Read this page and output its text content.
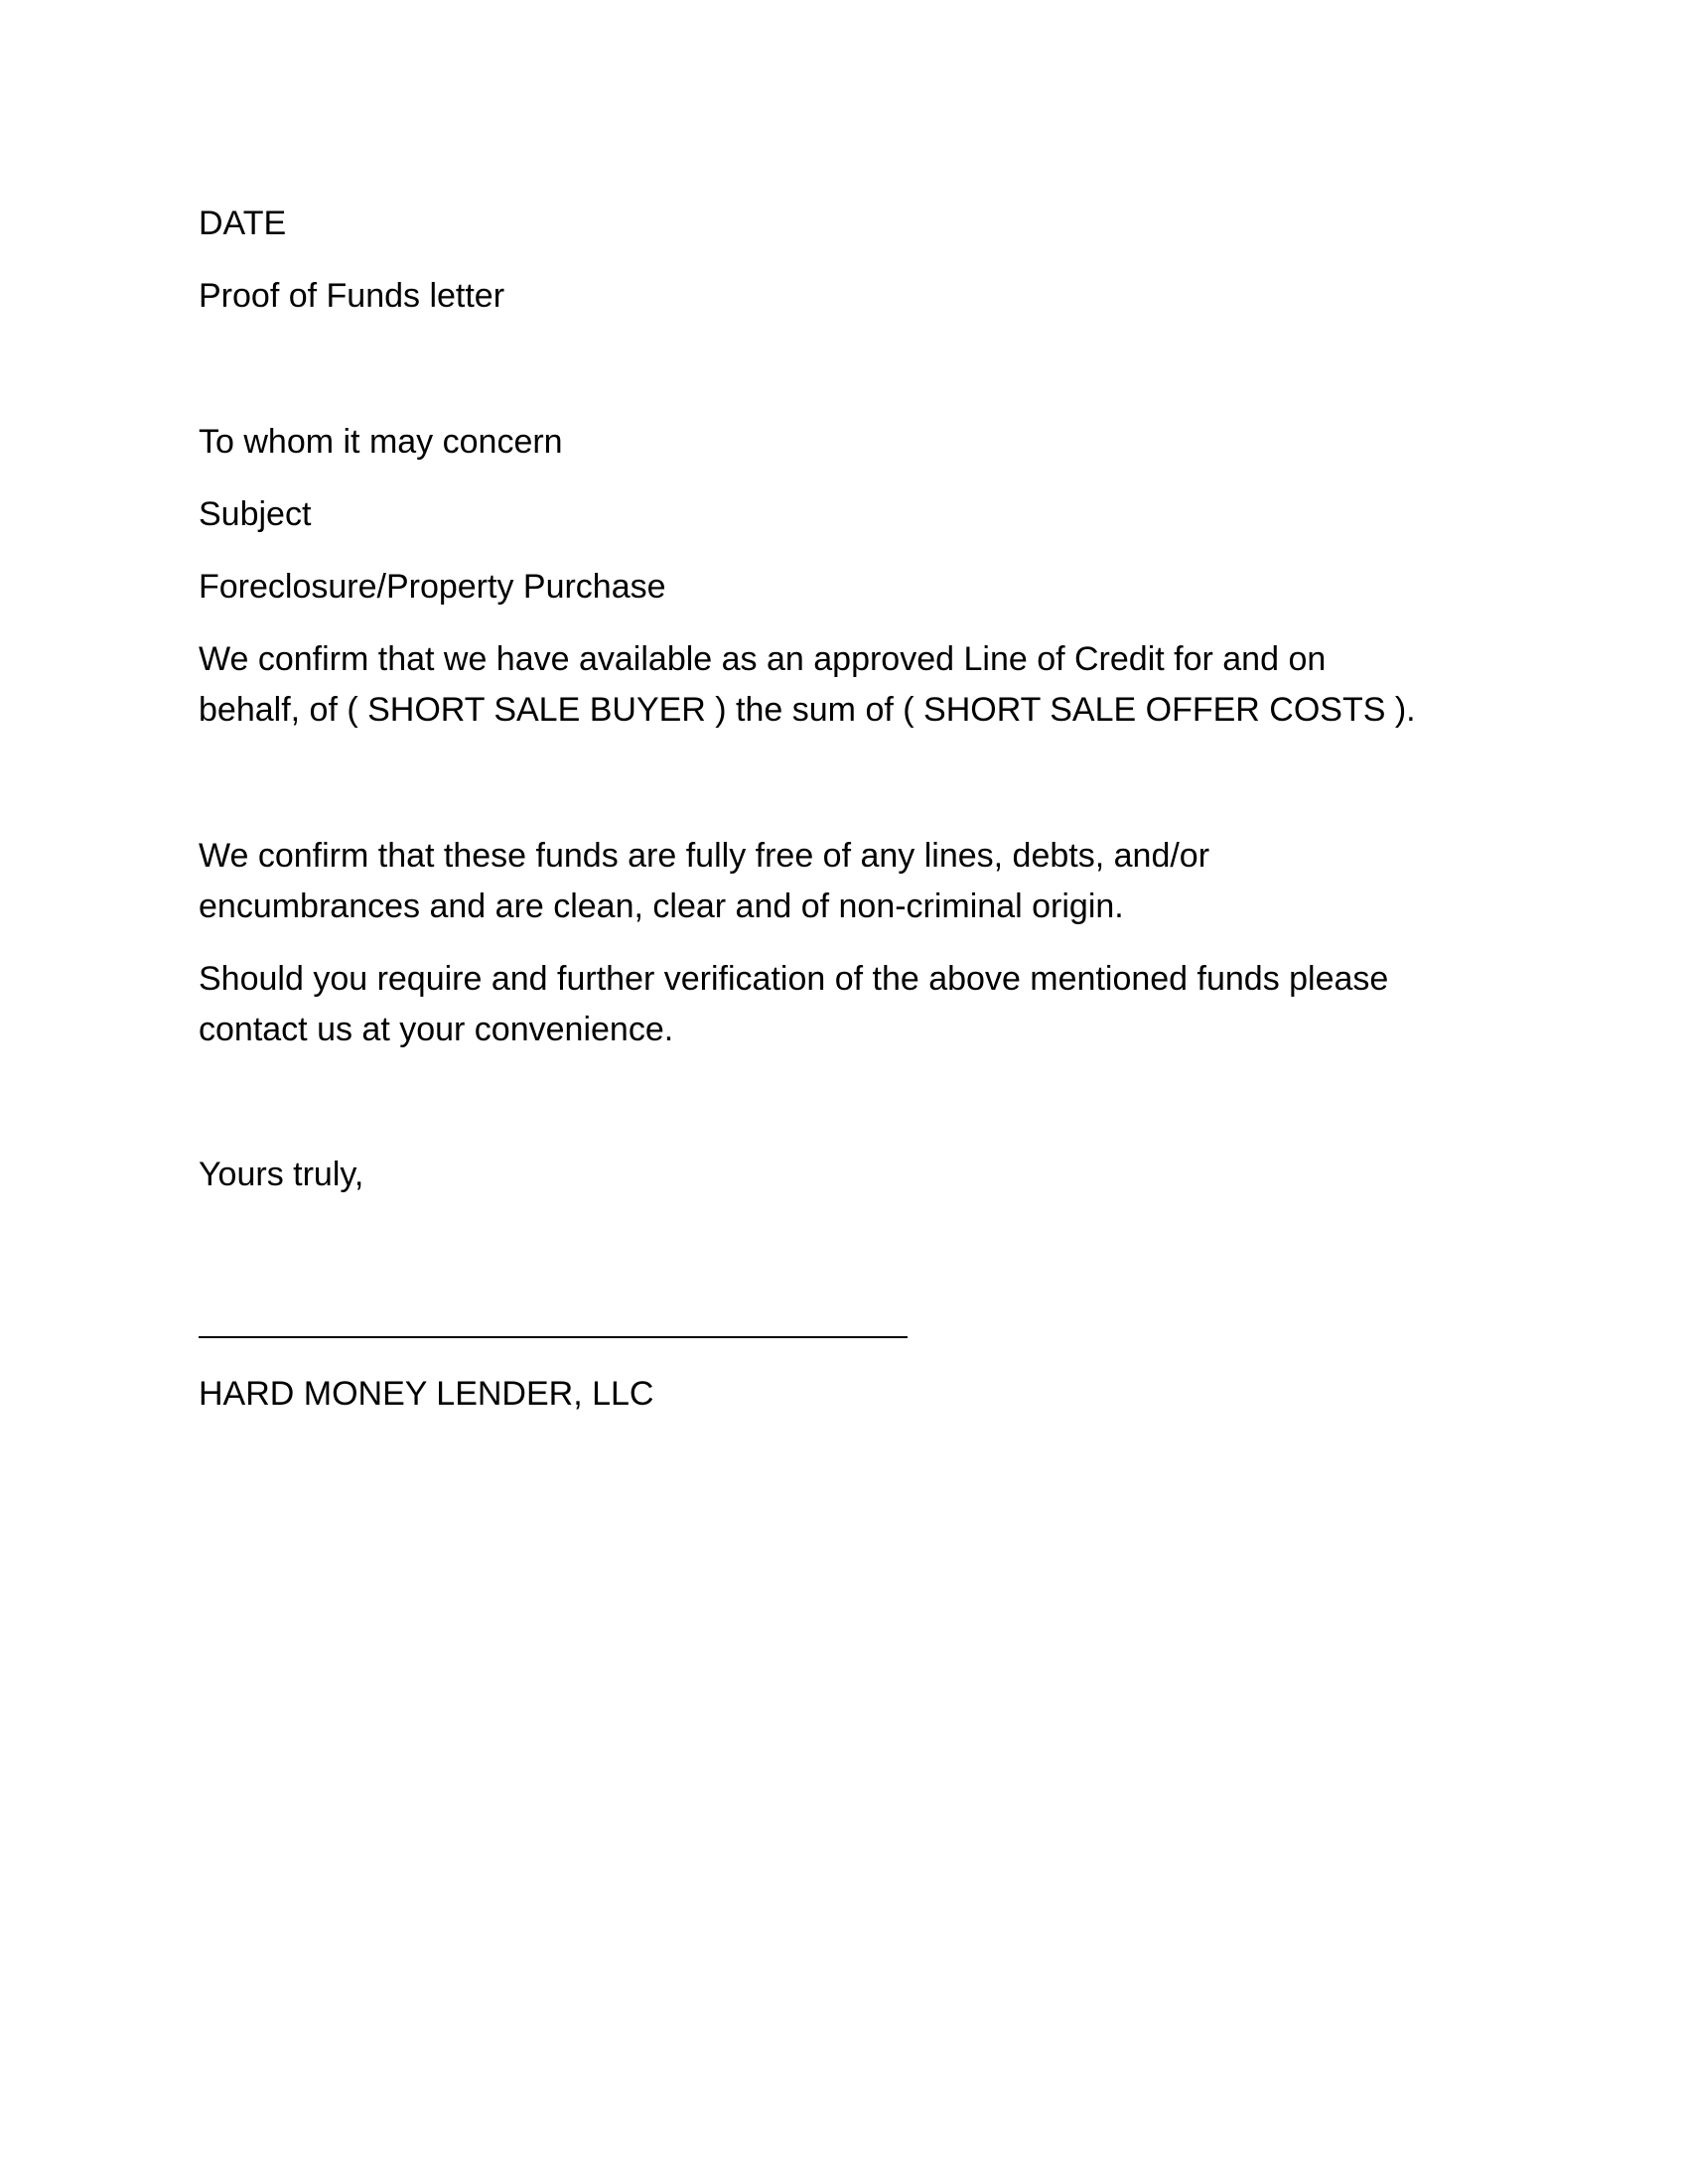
DATE

Proof of Funds letter

To whom it may concern

Subject

Foreclosure/Property Purchase

We confirm that we have available as an approved Line of Credit for and on
behalf, of ( SHORT SALE BUYER ) the sum of ( SHORT SALE OFFER COSTS ).
We confirm that these funds are fully free of any lines, debts, and/or
encumbrances and are clean, clear and of non-criminal origin.
Should you require and further verification of the above mentioned funds please
contact us at your convenience.

Yours truly,

HARD MONEY LENDER, LLC
